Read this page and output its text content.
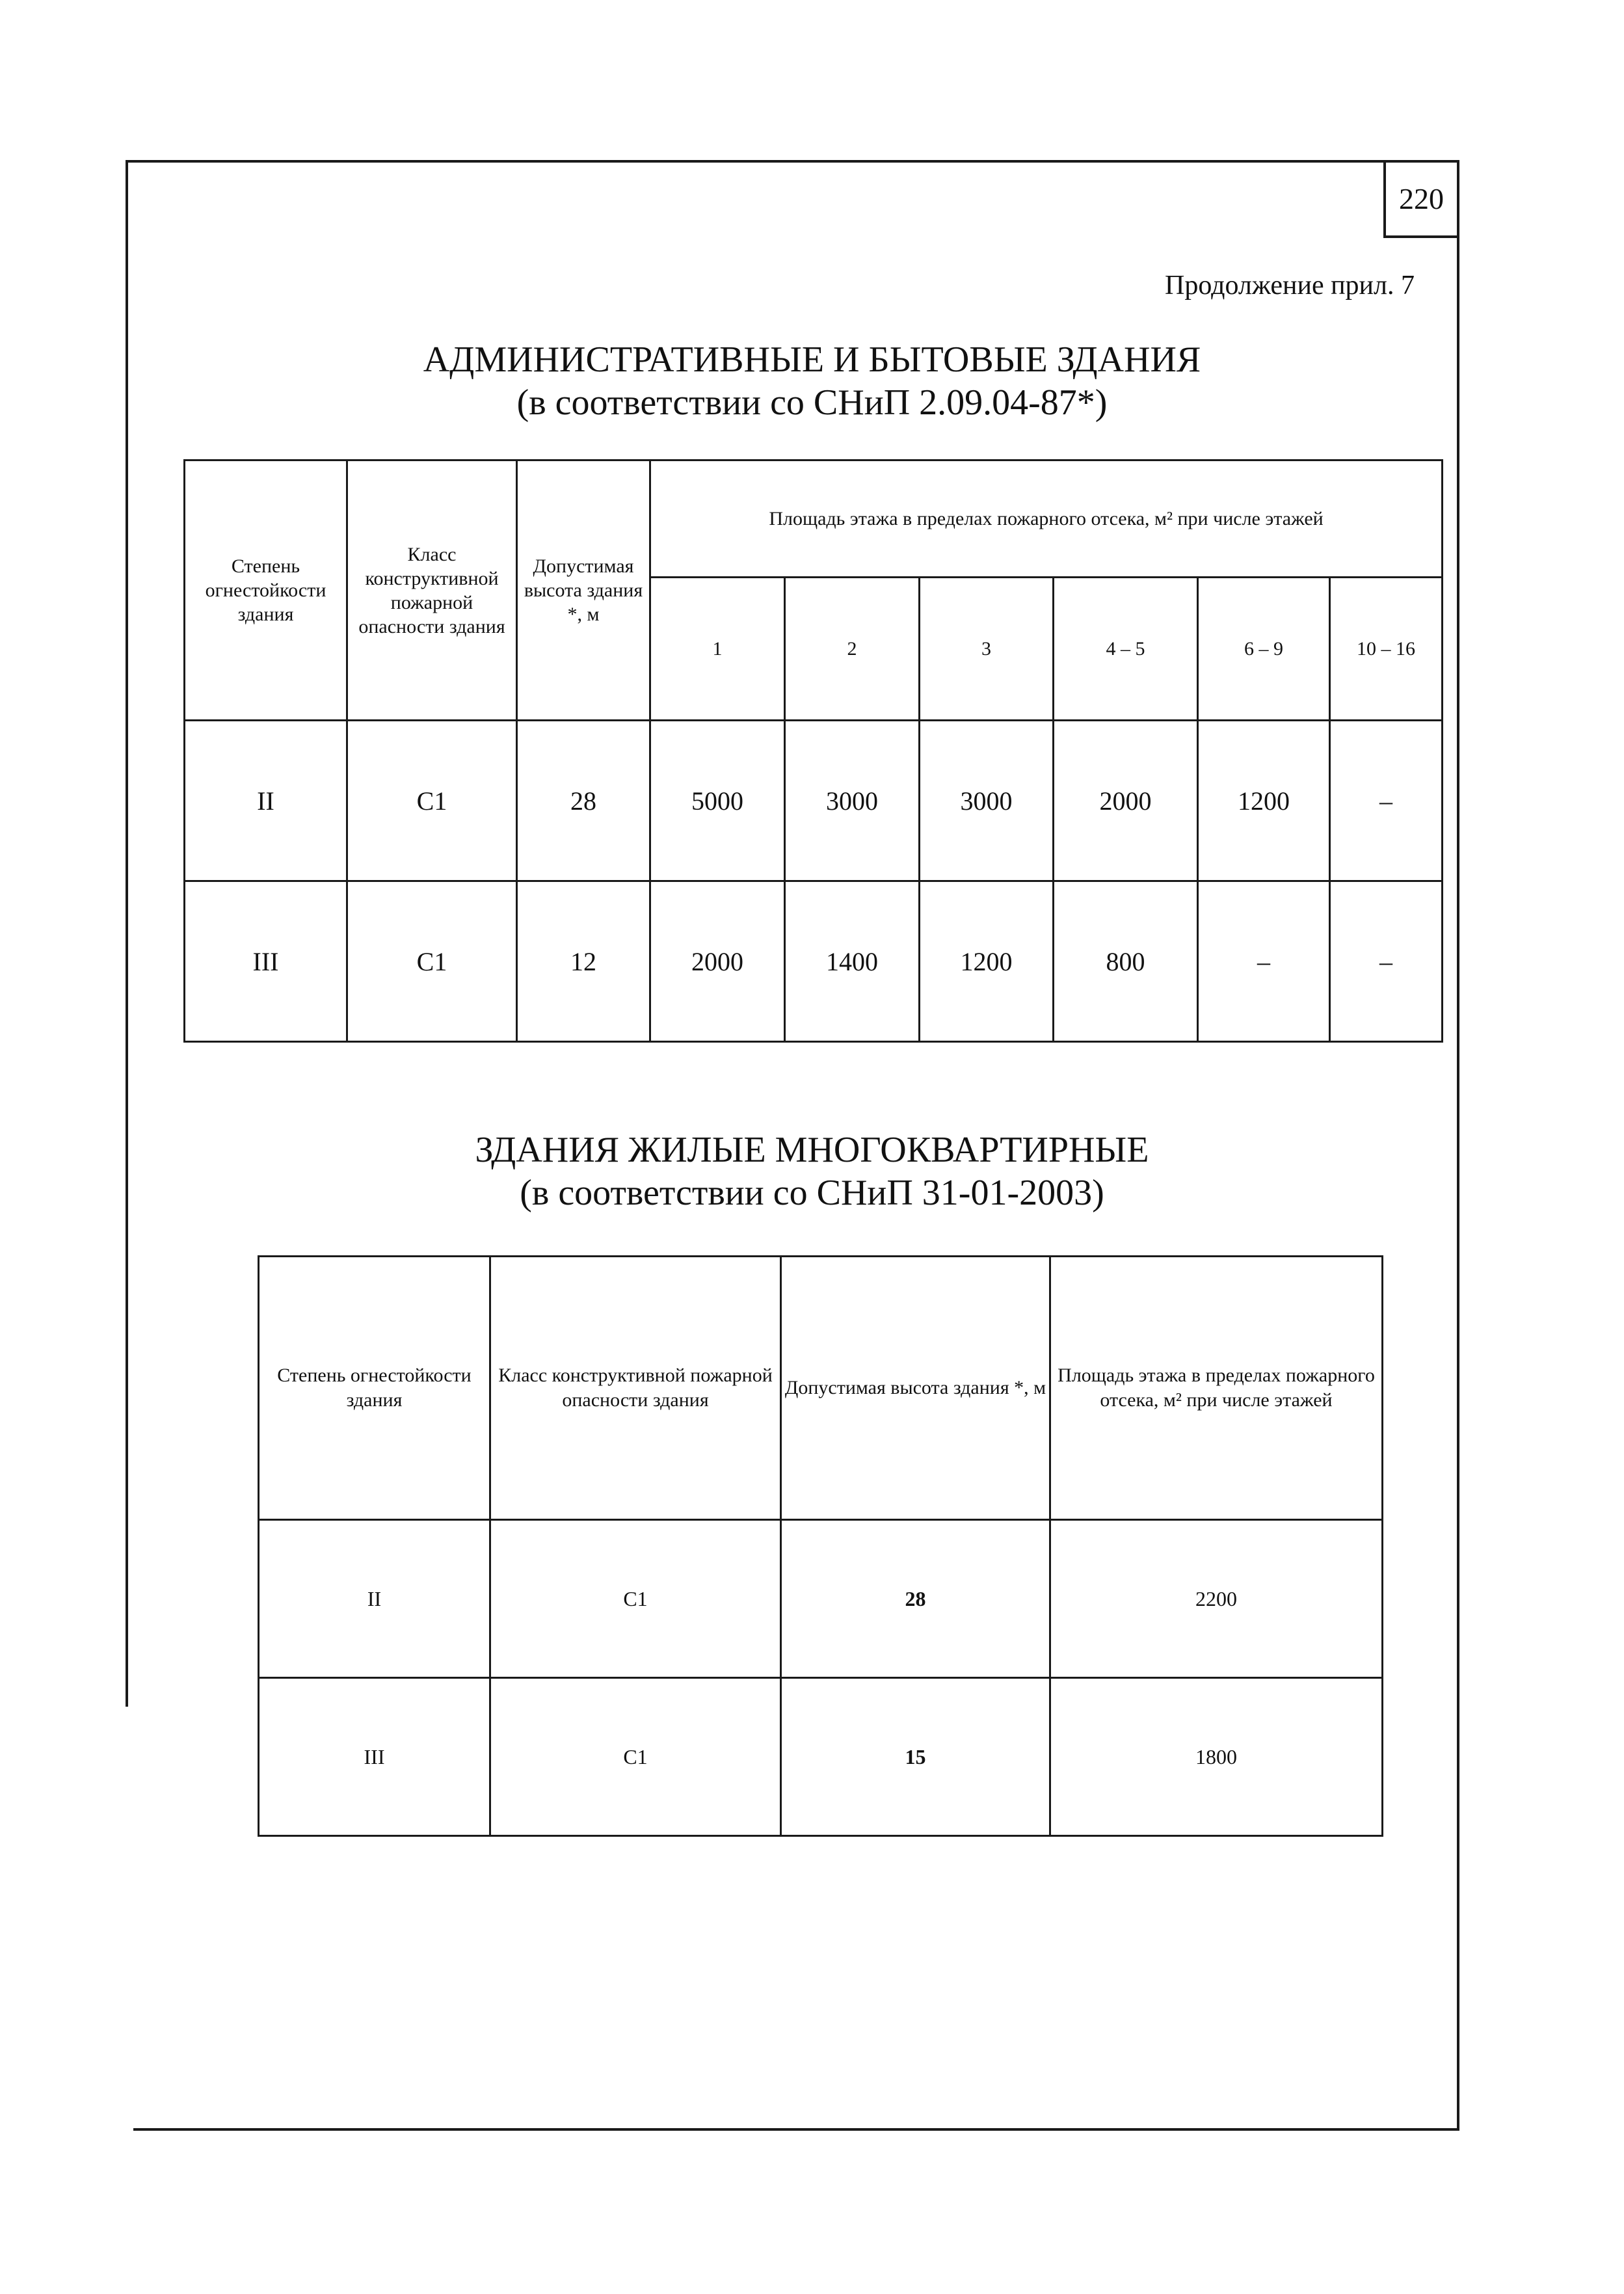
220
Продолжение прил. 7
АДМИНИСТРАТИВНЫЕ И БЫТОВЫЕ ЗДАНИЯ
(в соответствии со СНиП 2.09.04-87*)
Степень огнестойкости здания	Класс конструктивной пожарной опасности здания	Допустимая высота здания *, м	Площадь этажа в пределах пожарного отсека, м² при числе этажей					
			1	2	3	4 – 5	6 – 9	10 – 16
II	С1	28	5000	3000	3000	2000	1200	–
III	С1	12	2000	1400	1200	800	–	–
ЗДАНИЯ ЖИЛЫЕ МНОГОКВАРТИРНЫЕ
(в соответствии со СНиП 31-01-2003)
Степень огнестойкости здания	Класс конструктивной пожарной опасности здания	Допустимая высота здания *, м	Площадь этажа в пределах пожарного отсека, м² при числе этажей
II	С1	28	2200
III	С1	15	1800
